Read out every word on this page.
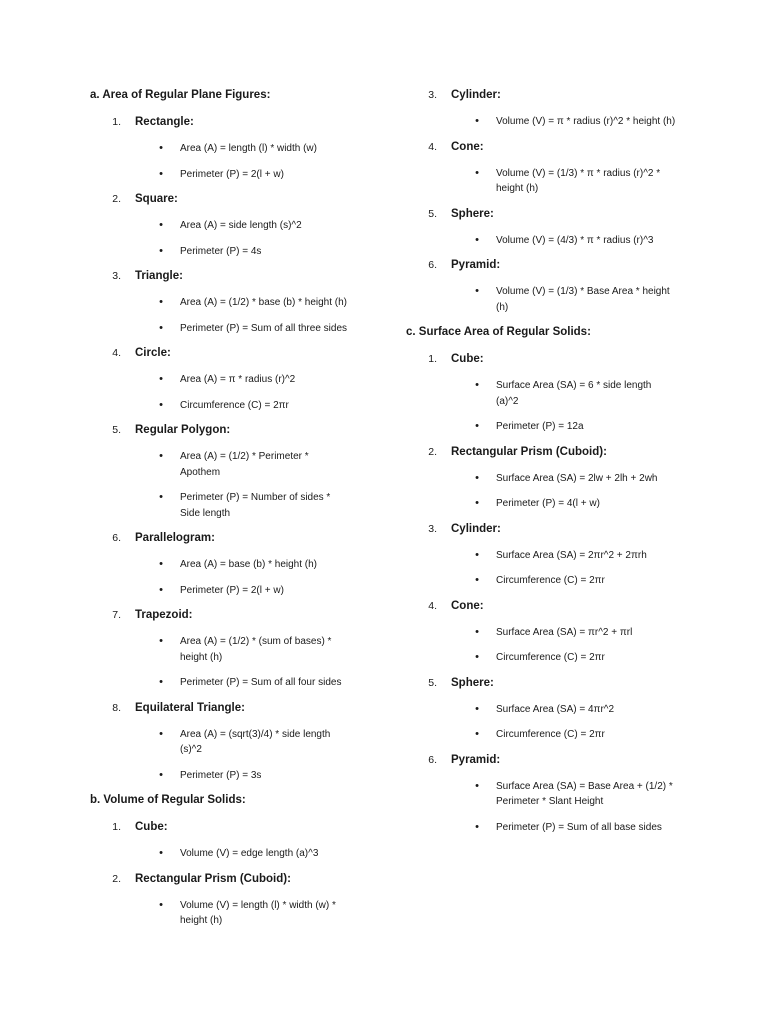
a. Area of Regular Plane Figures:
1.	Rectangle:
•	Area (A) = length (l) * width (w)
•	Perimeter (P) = 2(l + w)
2.	Square:
•	Area (A) = side length (s)^2
•	Perimeter (P) = 4s
3.	Triangle:
•	Area (A) = (1/2) * base (b) * height (h)
•	Perimeter (P) = Sum of all three sides
4.	Circle:
•	Area (A) = π * radius (r)^2
•	Circumference (C) = 2πr
5.	Regular Polygon:
•	Area (A) = (1/2) * Perimeter * Apothem
•	Perimeter (P) = Number of sides * Side length
6.	Parallelogram:
•	Area (A) = base (b) * height (h)
•	Perimeter (P) = 2(l + w)
7.	Trapezoid:
•	Area (A) = (1/2) * (sum of bases) * height (h)
•	Perimeter (P) = Sum of all four sides
8.	Equilateral Triangle:
•	Area (A) = (sqrt(3)/4) * side length (s)^2
•	Perimeter (P) = 3s
b. Volume of Regular Solids:
1.	Cube:
•	Volume (V) = edge length (a)^3
2.	Rectangular Prism (Cuboid):
•	Volume (V) = length (l) * width (w) * height (h)
3.	Cylinder:
•	Volume (V) = π * radius (r)^2 * height (h)
4.	Cone:
•	Volume (V) = (1/3) * π * radius (r)^2 * height (h)
5.	Sphere:
•	Volume (V) = (4/3) * π * radius (r)^3
6.	Pyramid:
•	Volume (V) = (1/3) * Base Area * height (h)
c. Surface Area of Regular Solids:
1.	Cube:
•	Surface Area (SA) = 6 * side length (a)^2
•	Perimeter (P) = 12a
2.	Rectangular Prism (Cuboid):
•	Surface Area (SA) = 2lw + 2lh + 2wh
•	Perimeter (P) = 4(l + w)
3.	Cylinder:
•	Surface Area (SA) = 2πr^2 + 2πrh
•	Circumference (C) = 2πr
4.	Cone:
•	Surface Area (SA) = πr^2 + πrl
•	Circumference (C) = 2πr
5.	Sphere:
•	Surface Area (SA) = 4πr^2
•	Circumference (C) = 2πr
6.	Pyramid:
•	Surface Area (SA) = Base Area + (1/2) * Perimeter * Slant Height
•	Perimeter (P) = Sum of all base sides
